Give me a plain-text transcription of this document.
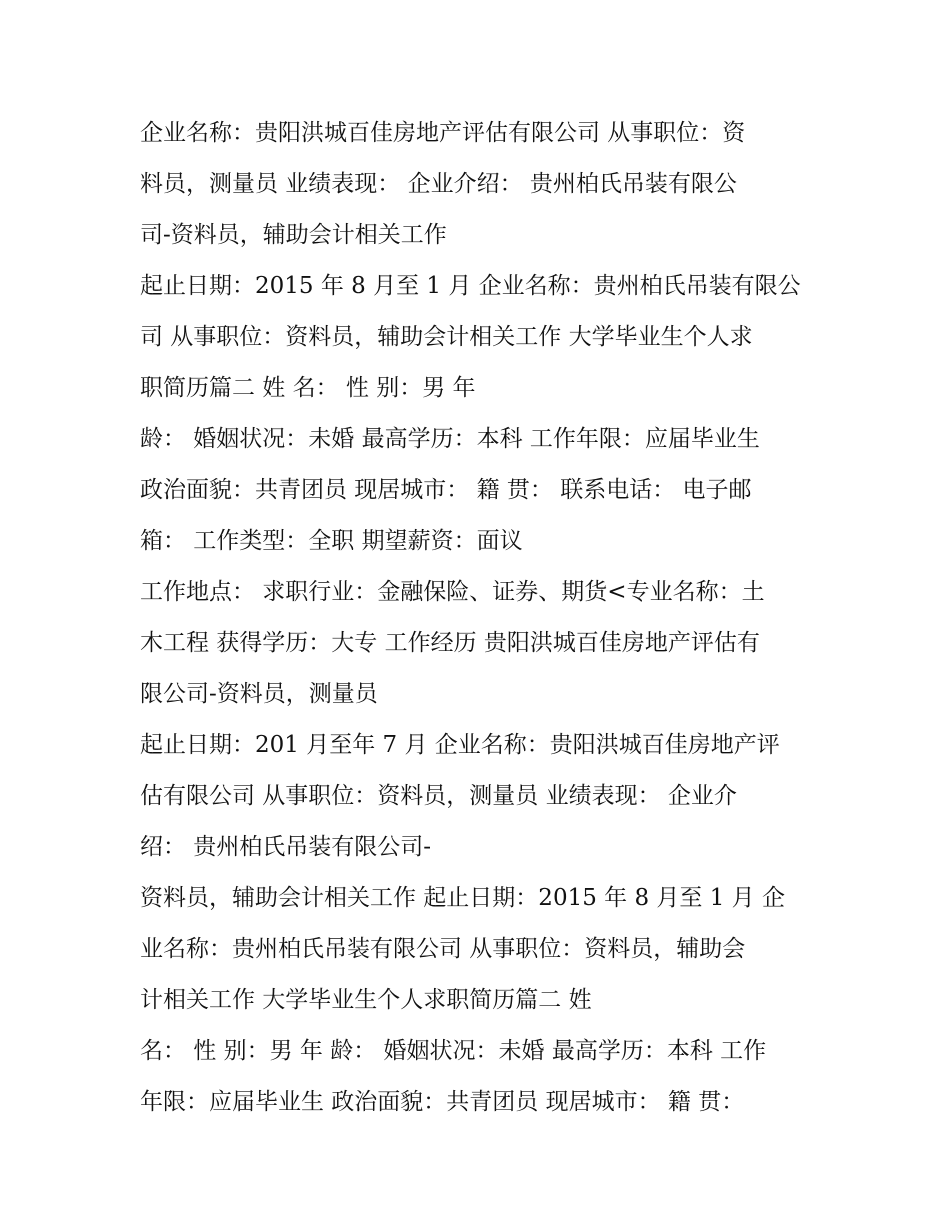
企业名称：贵阳洪城百佳房地产评估有限公司 从事职位：资
料员，测量员 业绩表现： 企业介绍： 贵州柏氏吊装有限公
司-资料员，辅助会计相关工作
起止日期：2015 年 8 月至 1 月 企业名称：贵州柏氏吊装有限公
司 从事职位：资料员，辅助会计相关工作 大学毕业生个人求
职简历篇二 姓 名： 性 别：男 年
龄： 婚姻状况：未婚 最高学历：本科 工作年限：应届毕业生
政治面貌：共青团员 现居城市： 籍 贯： 联系电话： 电子邮
箱： 工作类型：全职 期望薪资：面议
工作地点： 求职行业：金融保险、证券、期货<专业名称：土
木工程 获得学历：大专 工作经历 贵阳洪城百佳房地产评估有
限公司-资料员，测量员
起止日期：201 月至年 7 月 企业名称：贵阳洪城百佳房地产评
估有限公司 从事职位：资料员，测量员 业绩表现： 企业介
绍： 贵州柏氏吊装有限公司-
资料员，辅助会计相关工作 起止日期：2015 年 8 月至 1 月 企
业名称：贵州柏氏吊装有限公司 从事职位：资料员，辅助会
计相关工作 大学毕业生个人求职简历篇二 姓
名： 性 别：男 年 龄： 婚姻状况：未婚 最高学历：本科 工作
年限：应届毕业生 政治面貌：共青团员 现居城市： 籍 贯：
